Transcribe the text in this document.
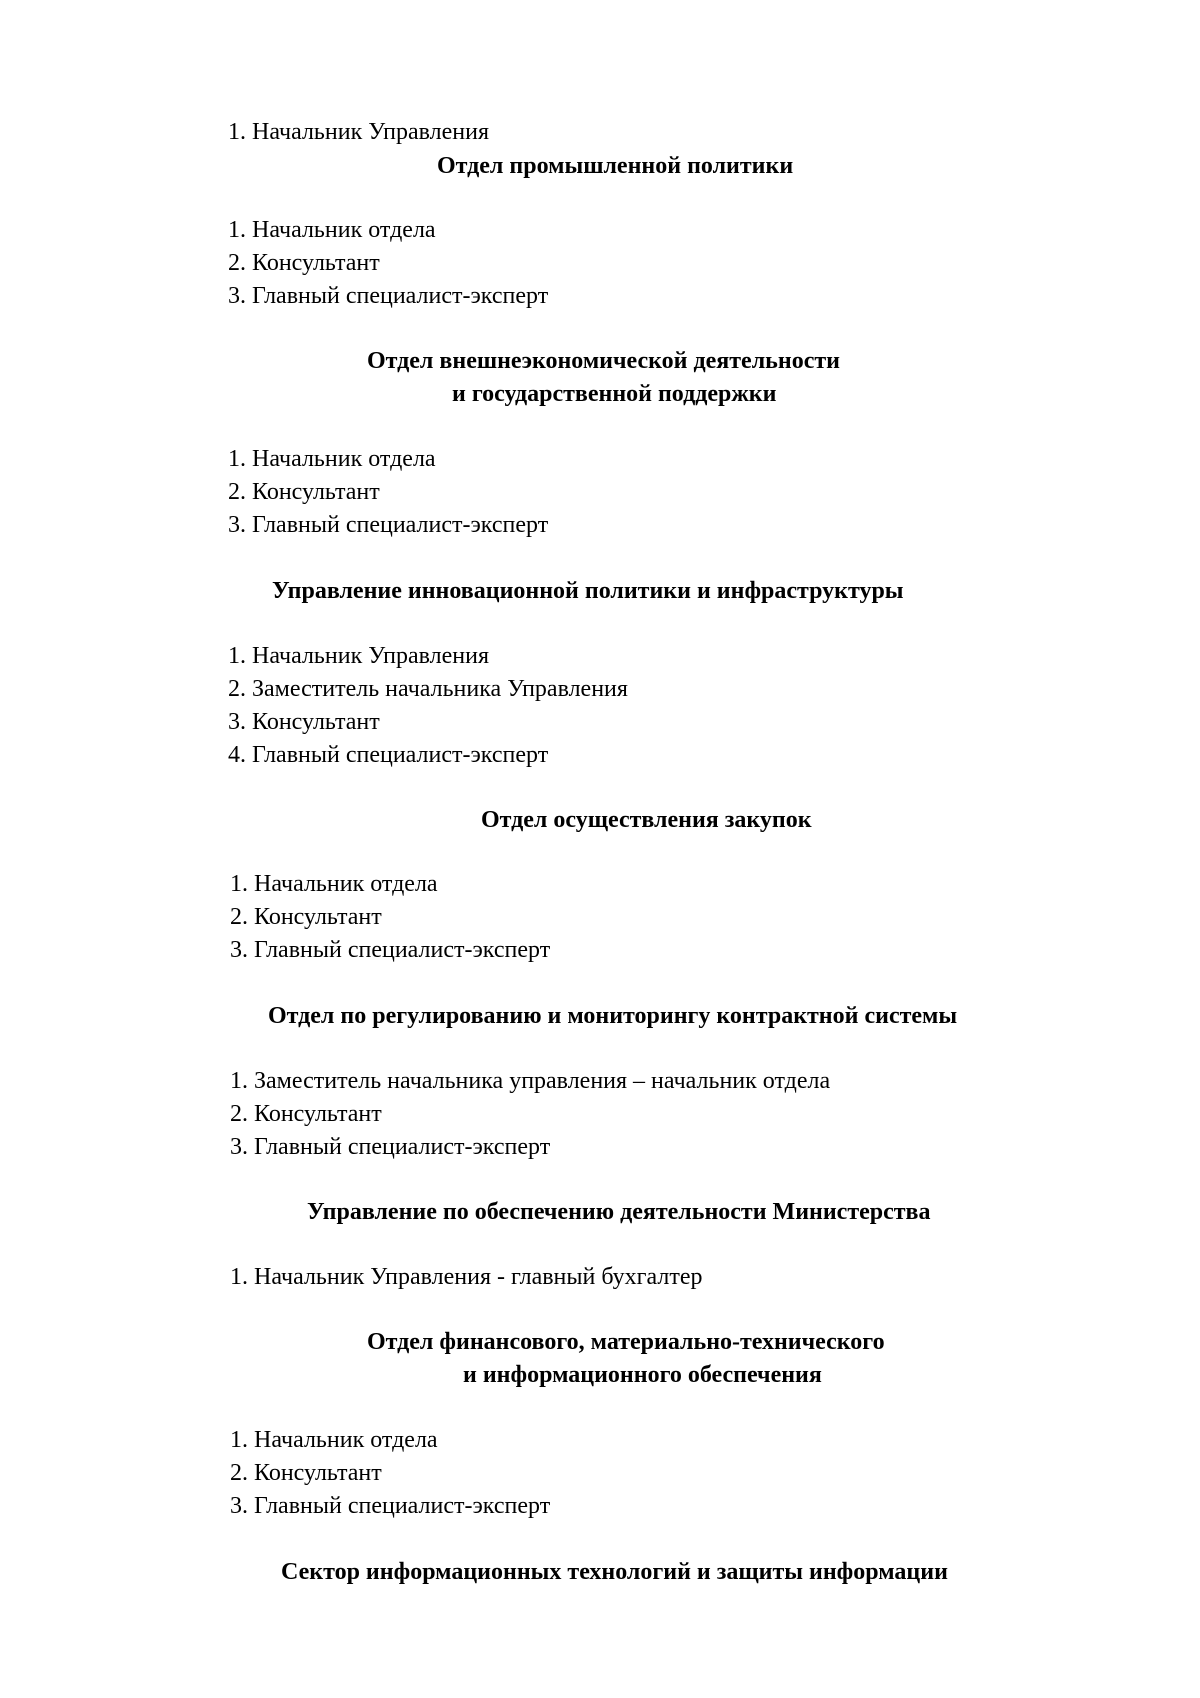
1. Начальник Управления
Отдел промышленной политики
1. Начальник отдела
2. Консультант
3. Главный специалист-эксперт
Отдел внешнеэкономической деятельности
и государственной поддержки
1. Начальник отдела
2. Консультант
3. Главный специалист-эксперт
Управление инновационной политики и инфраструктуры
1. Начальник Управления
2. Заместитель начальника Управления
3. Консультант
4. Главный специалист-эксперт
Отдел осуществления закупок
1. Начальник отдела
2. Консультант
3. Главный специалист-эксперт
Отдел по регулированию и мониторингу контрактной системы
1. Заместитель начальника управления – начальник отдела
2. Консультант
3. Главный специалист-эксперт
Управление по обеспечению деятельности Министерства
1. Начальник Управления - главный бухгалтер
Отдел финансового, материально-технического
и информационного обеспечения
1. Начальник отдела
2. Консультант
3. Главный специалист-эксперт
Сектор информационных технологий и защиты информации
